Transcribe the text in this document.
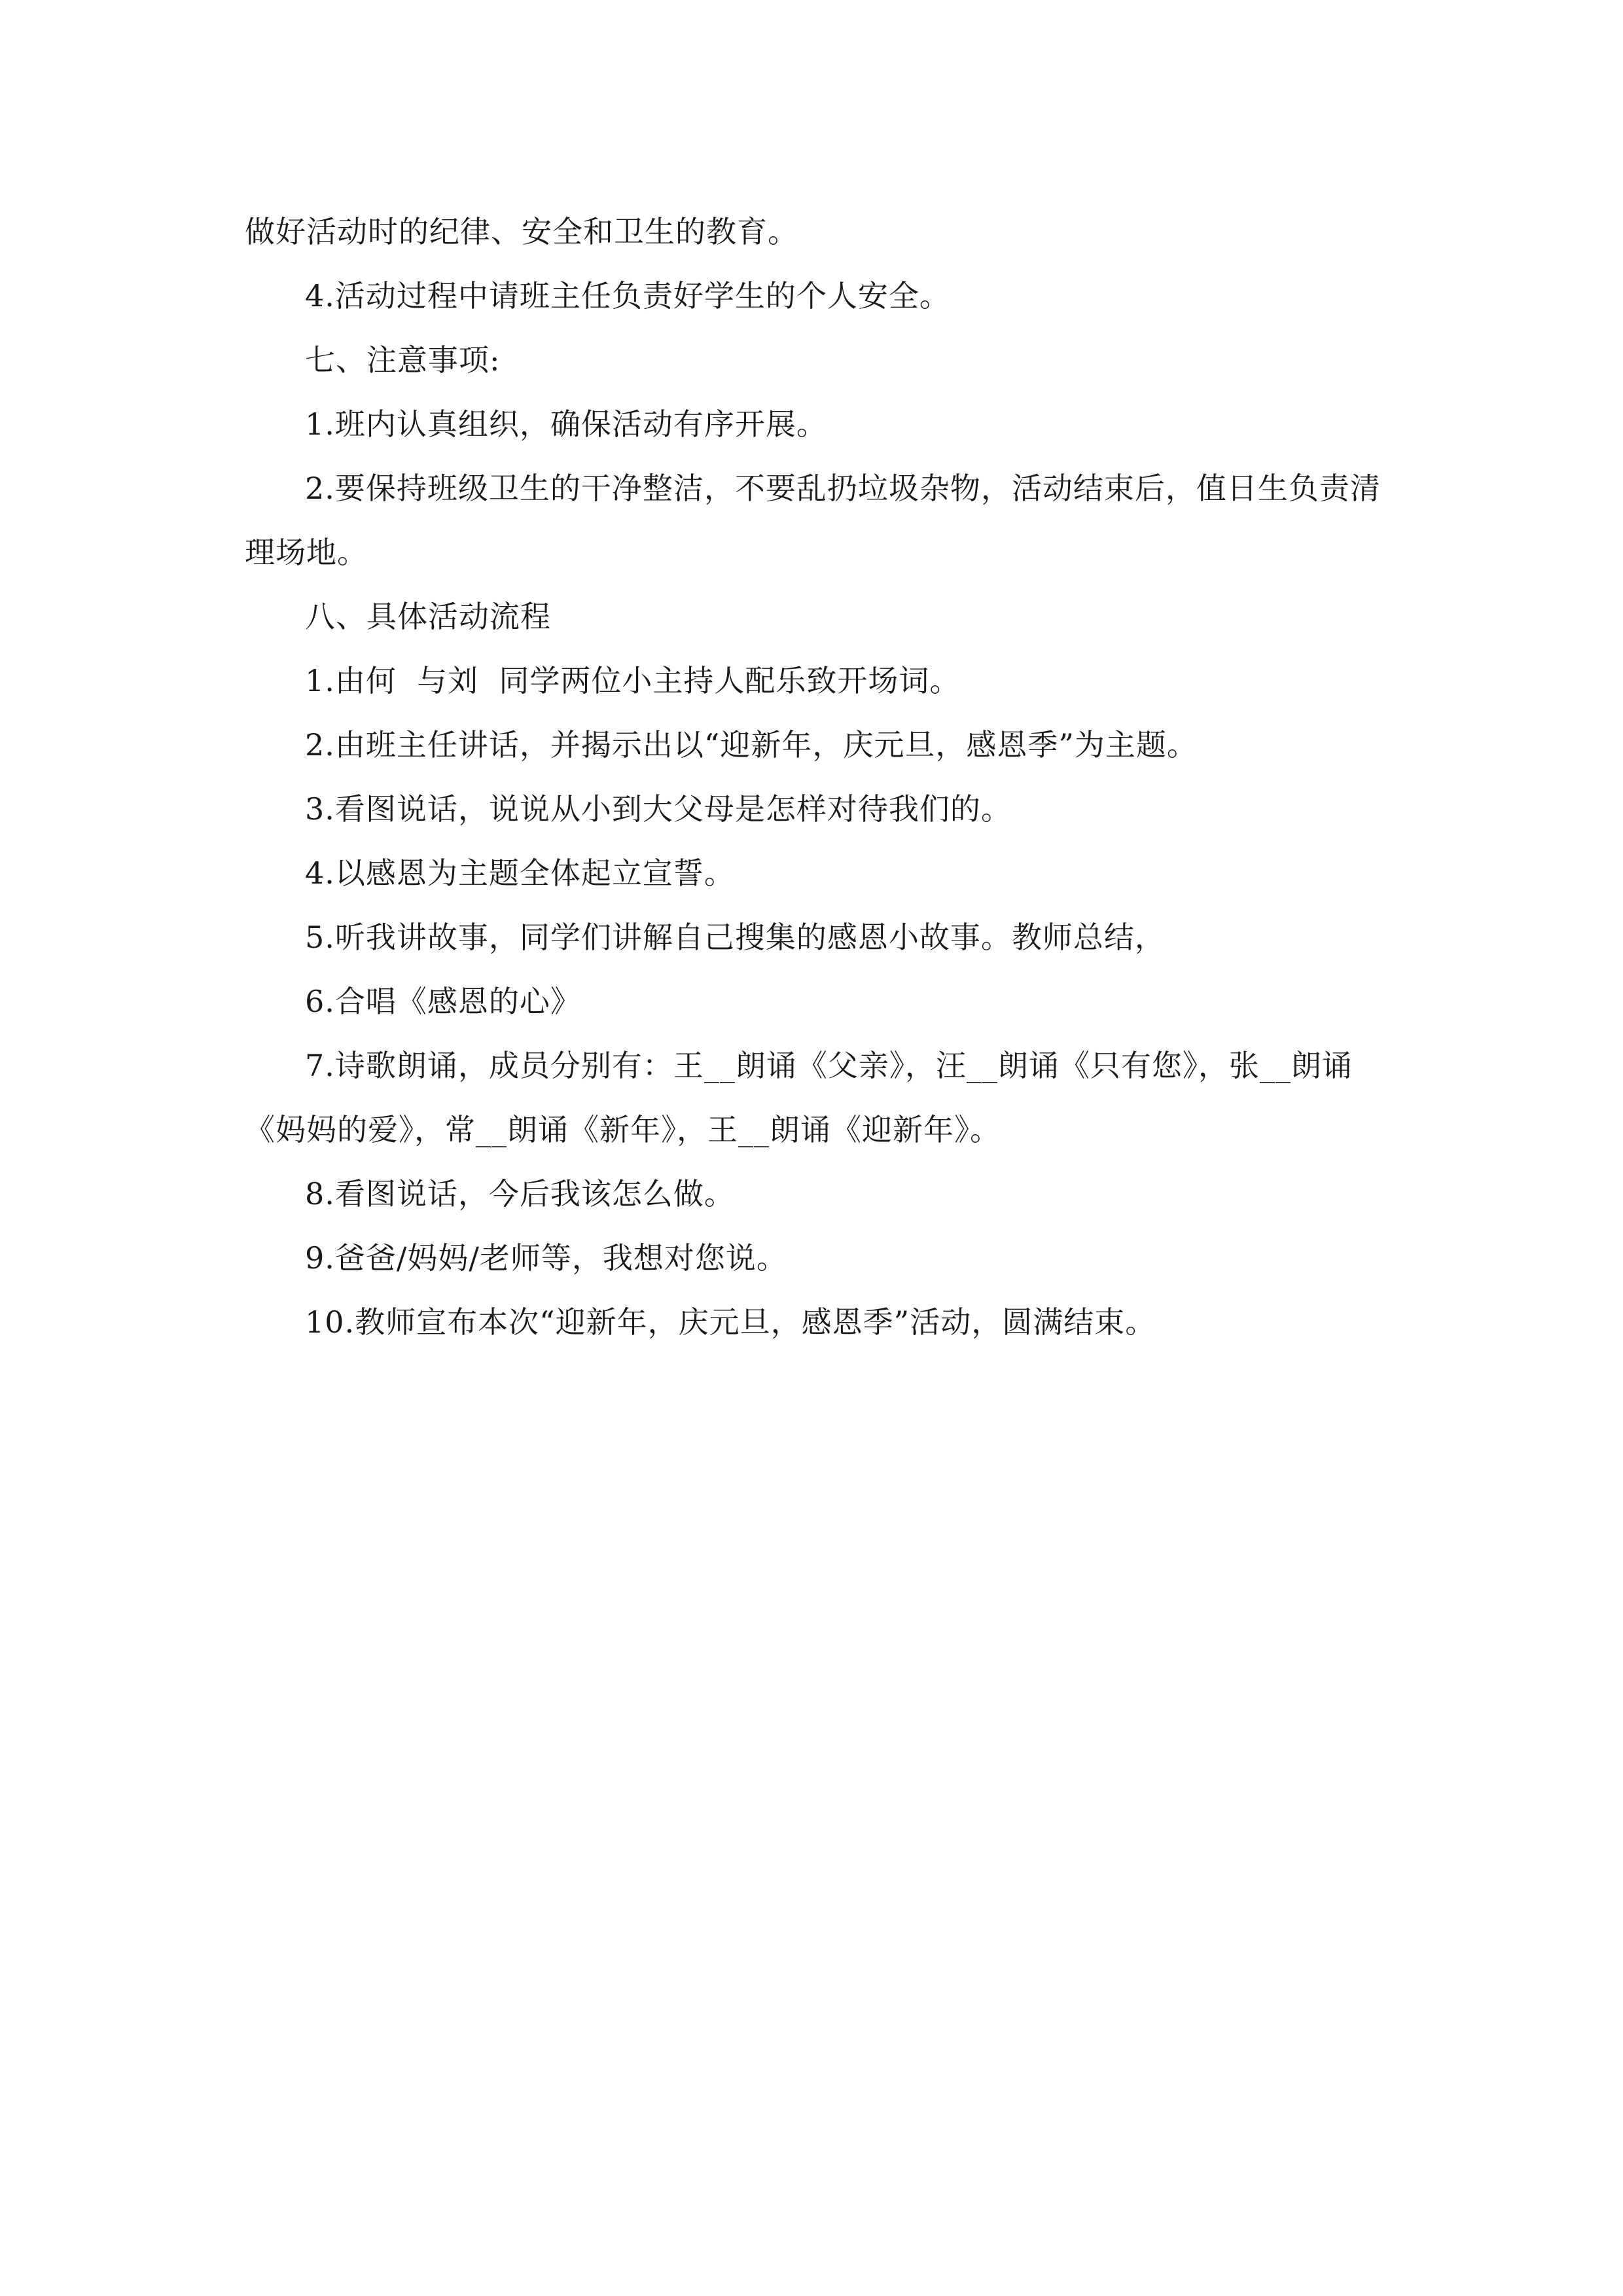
做好活动时的纪律、安全和卫生的教育。

4.活动过程中请班主任负责好学生的个人安全。

七、注意事项:

1.班内认真组织，确保活动有序开展。

2.要保持班级卫生的干净整洁，不要乱扔垃圾杂物，活动结束后，值日生负责清理场地。

八、具体活动流程

1.由何  与刘  同学两位小主持人配乐致开场词。

2.由班主任讲话，并揭示出以“迎新年，庆元旦，感恩季”为主题。

3.看图说话，说说从小到大父母是怎样对待我们的。

4.以感恩为主题全体起立宣誓。

5.听我讲故事，同学们讲解自己搜集的感恩小故事。教师总结，

6.合唱《感恩的心》

7.诗歌朗诵，成员分别有：王__朗诵《父亲》，汪__朗诵《只有您》，张__朗诵《妈妈的爱》，常__朗诵《新年》，王__朗诵《迎新年》。

8.看图说话，今后我该怎么做。

9.爸爸/妈妈/老师等，我想对您说。

10.教师宣布本次“迎新年，庆元旦，感恩季”活动，圆满结束。
